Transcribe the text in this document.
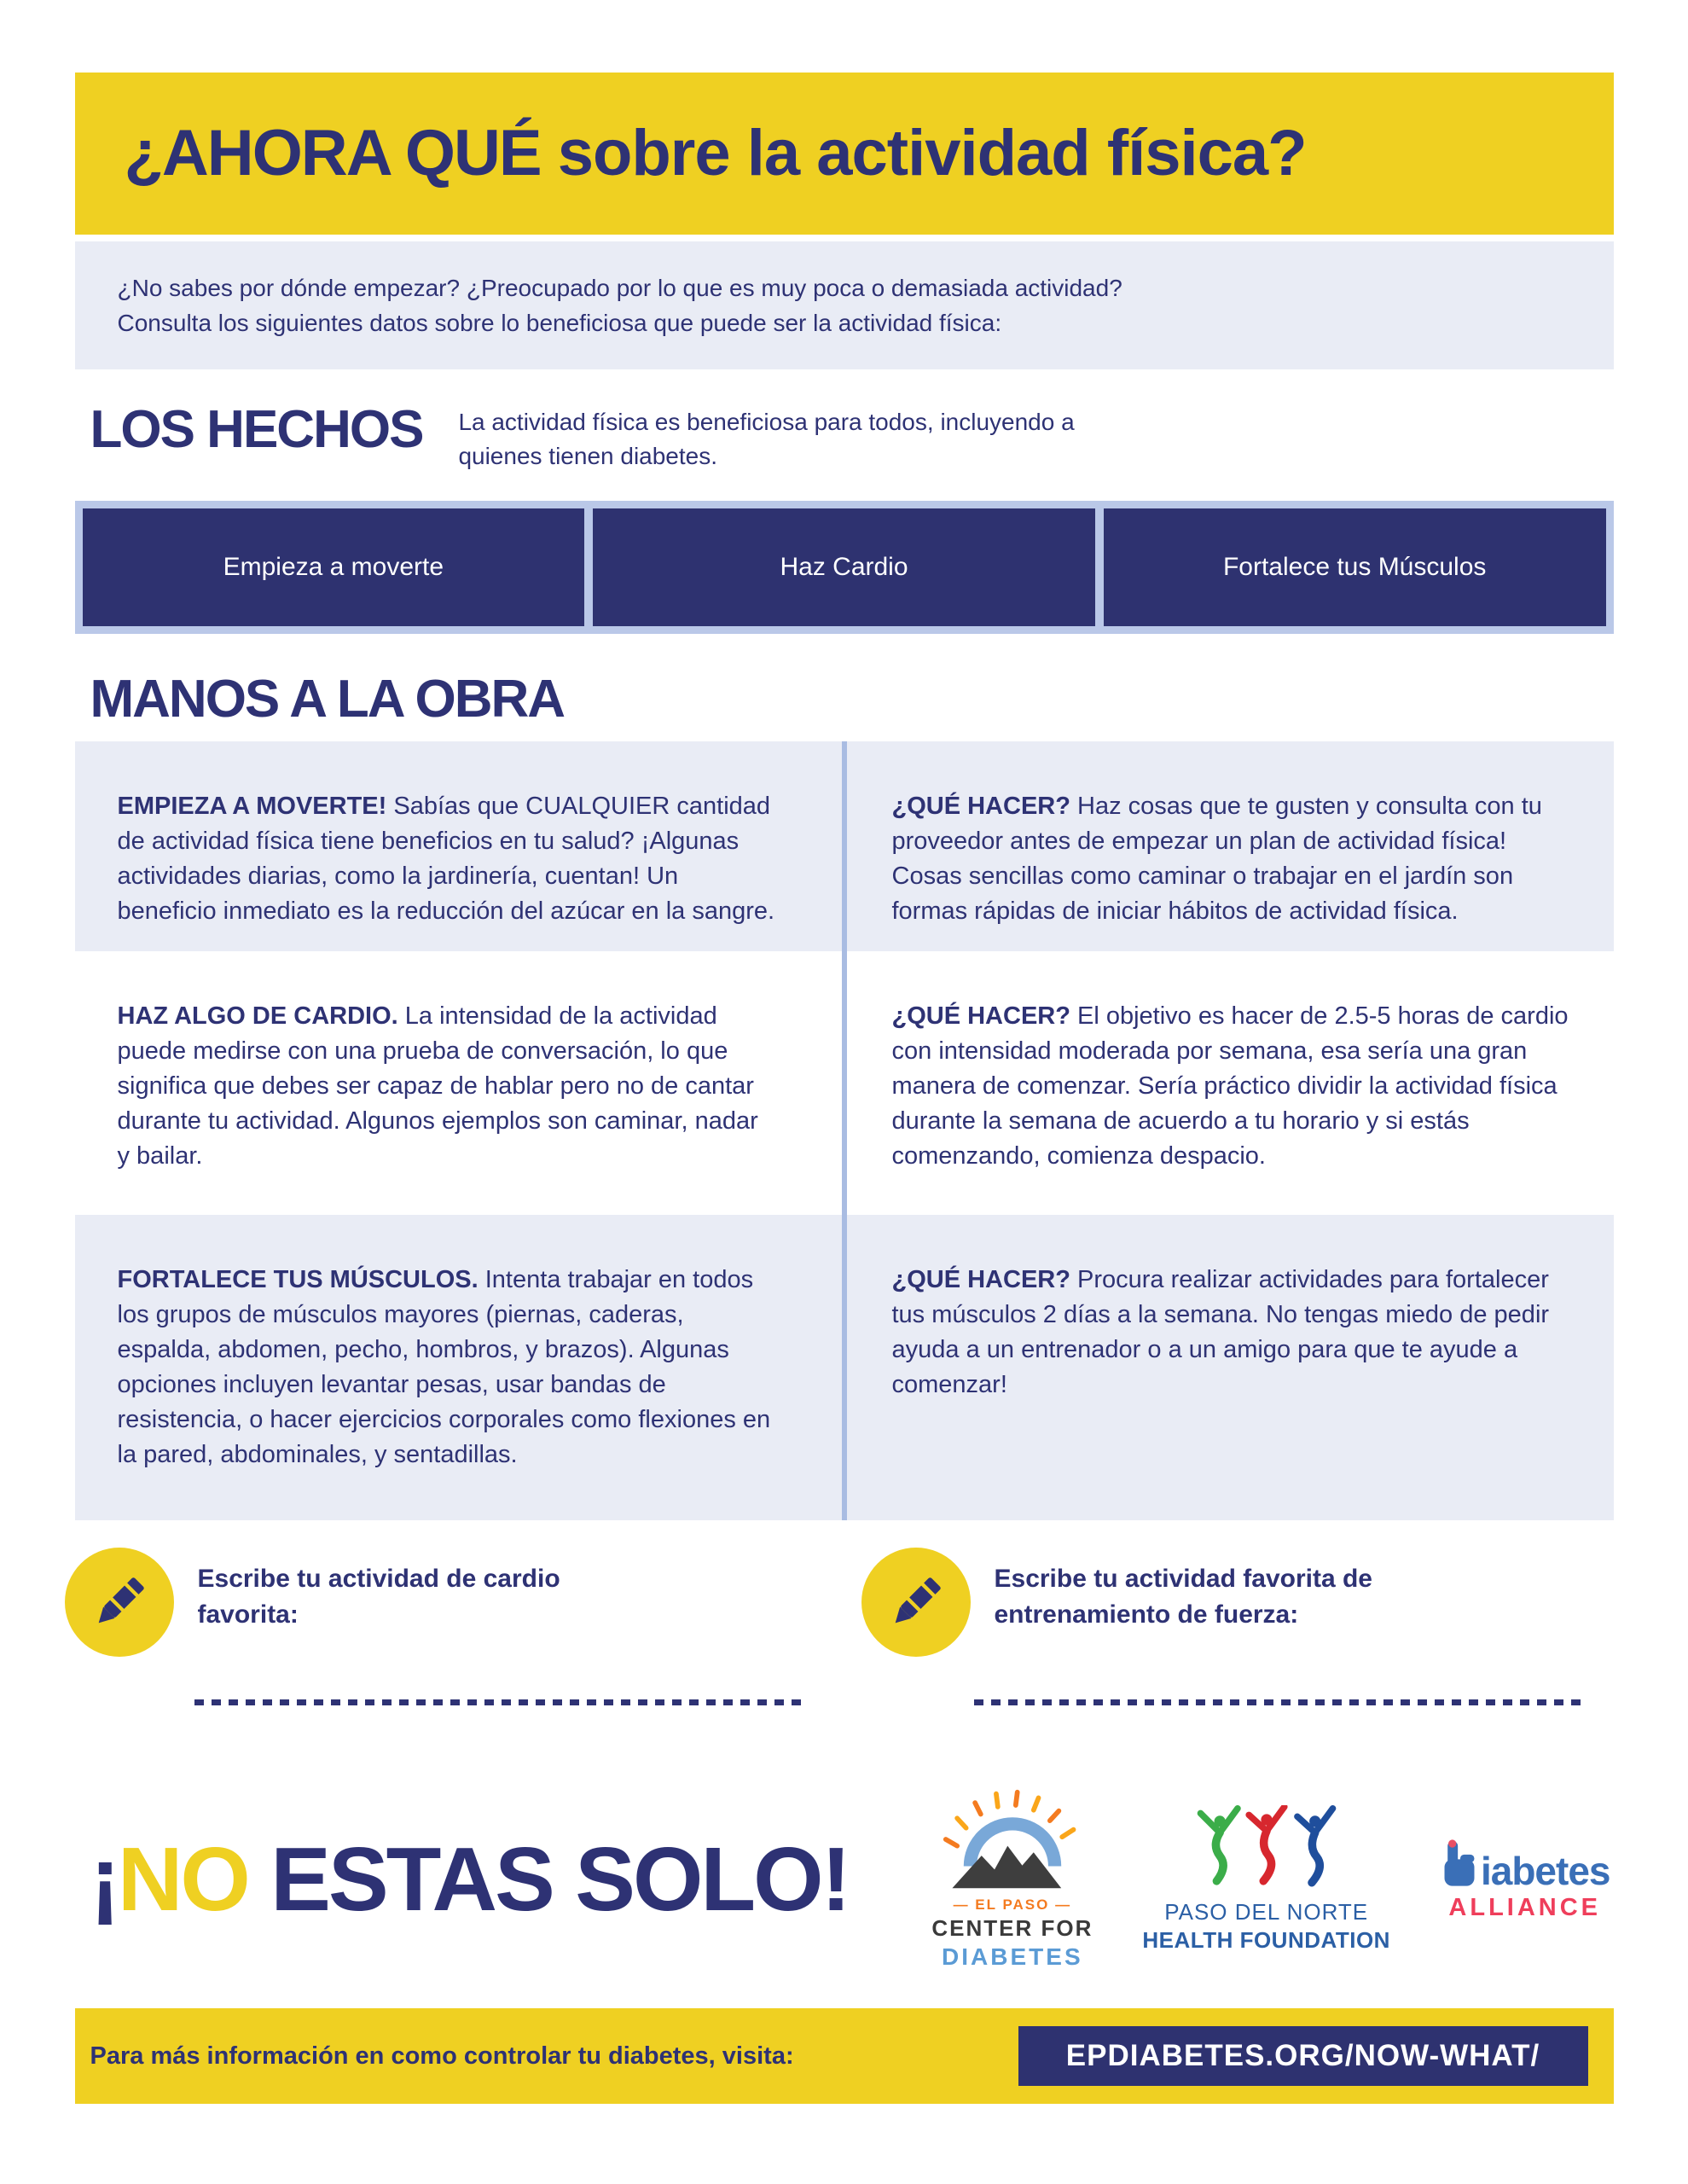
¿AHORA QUÉ sobre la actividad física?
¿No sabes por dónde empezar? ¿Preocupado por lo que es muy poca o demasiada actividad?
Consulta los siguientes datos sobre lo beneficiosa que puede ser la actividad física:
LOS HECHOS La actividad física es beneficiosa para todos, incluyendo a quienes tienen diabetes.
Empieza a moverte	Haz Cardio	Fortalece tus Músculos
MANOS A LA OBRA
EMPIEZA A MOVERTE! Sabías que CUALQUIER cantidad de actividad física tiene beneficios en tu salud? ¡Algunas actividades diarias, como la jardinería, cuentan! Un beneficio inmediato es la reducción del azúcar en la sangre.
¿QUÉ HACER? Haz cosas que te gusten y consulta con tu proveedor antes de empezar un plan de actividad física! Cosas sencillas como caminar o trabajar en el jardín son formas rápidas de iniciar hábitos de actividad física.
HAZ ALGO DE CARDIO. La intensidad de la actividad puede medirse con una prueba de conversación, lo que significa que debes ser capaz de hablar pero no de cantar durante tu actividad. Algunos ejemplos son caminar, nadar y bailar.
¿QUÉ HACER? El objetivo es hacer de 2.5-5 horas de cardio con intensidad moderada por semana, esa sería una gran manera de comenzar. Sería práctico dividir la actividad física durante la semana de acuerdo a tu horario y si estás comenzando, comienza despacio.
FORTALECE TUS MÚSCULOS. Intenta trabajar en todos los grupos de músculos mayores (piernas, caderas, espalda, abdomen, pecho, hombros, y brazos). Algunas opciones incluyen levantar pesas, usar bandas de resistencia, o hacer ejercicios corporales como flexiones en la pared, abdominales, y sentadillas.
¿QUÉ HACER? Procura realizar actividades para fortalecer tus músculos 2 días a la semana. No tengas miedo de pedir ayuda a un entrenador o a un amigo para que te ayude a comenzar!
Escribe tu actividad de cardio favorita:
Escribe tu actividad favorita de entrenamiento de fuerza:
¡NO ESTAS SOLO!	— EL PASO —
CENTER FOR
DIABETES
PASO DEL NORTE
HEALTH FOUNDATION
iabetes
ALLIANCE
Para más información en como controlar tu diabetes, visita:	EPDIABETES.ORG/NOW-WHAT/
